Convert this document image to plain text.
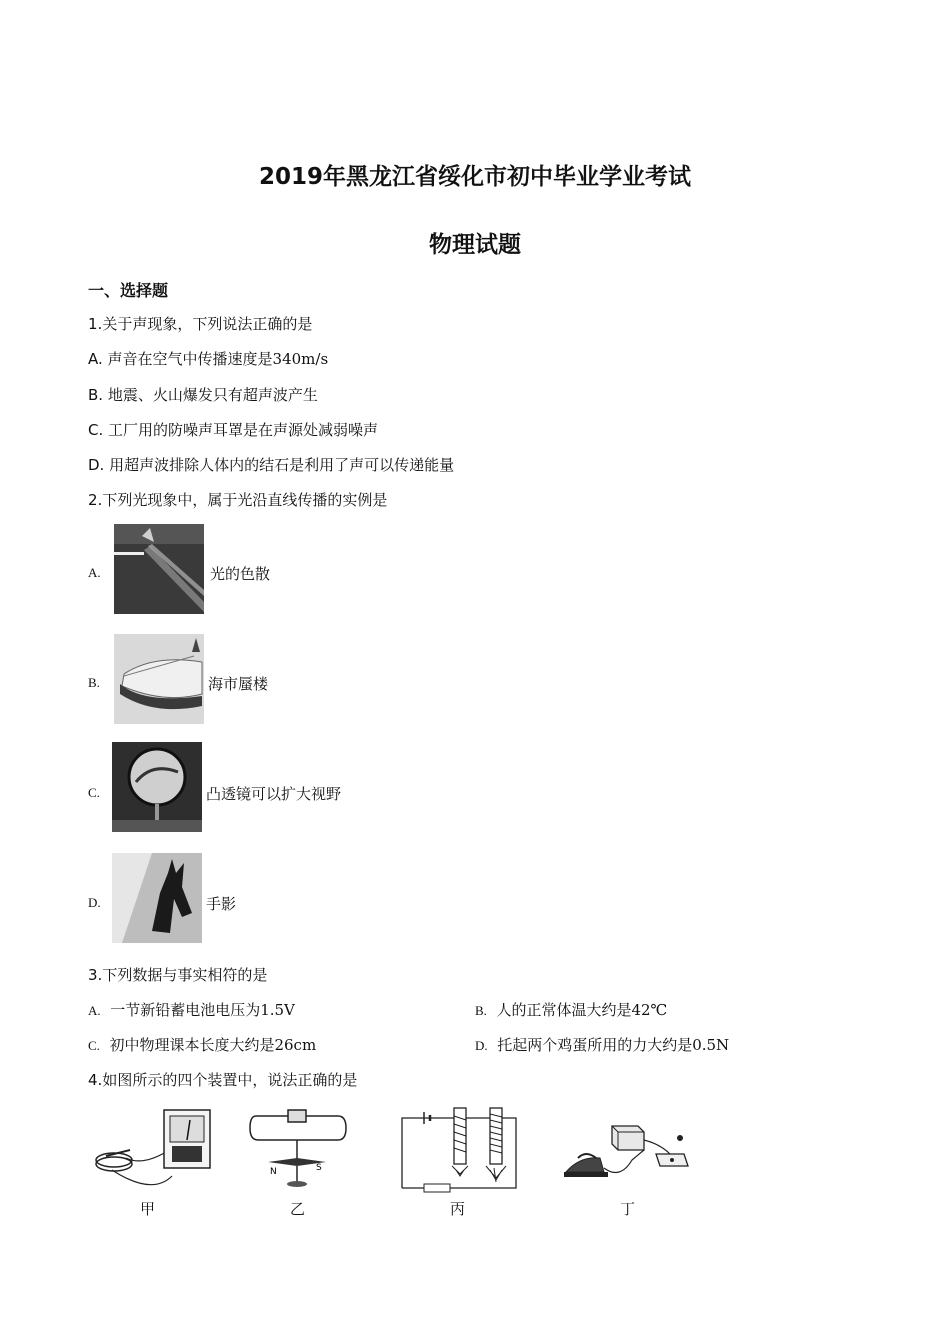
2019年黑龙江省绥化市初中毕业学业考试
物理试题
一、选择题
1.关于声现象，下列说法正确的是
A. 声音在空气中传播速度是340m/s
B. 地震、火山爆发只有超声波产生
C. 工厂用的防噪声耳罩是在声源处减弱噪声
D. 用超声波排除人体内的结石是利用了声可以传递能量
2.下列光现象中，属于光沿直线传播的实例是
A.	光的色散
B.	海市蜃楼
C.	凸透镜可以扩大视野
D.	手影
3.下列数据与事实相符的是
A. 一节新铅蓄电池电压为1.5V	B. 人的正常体温大约是42℃
C. 初中物理课本长度大约是26cm	D. 托起两个鸡蛋所用的力大约是0.5N
4.如图所示的四个装置中，说法正确的是
甲
N	S
乙	丙	丁
